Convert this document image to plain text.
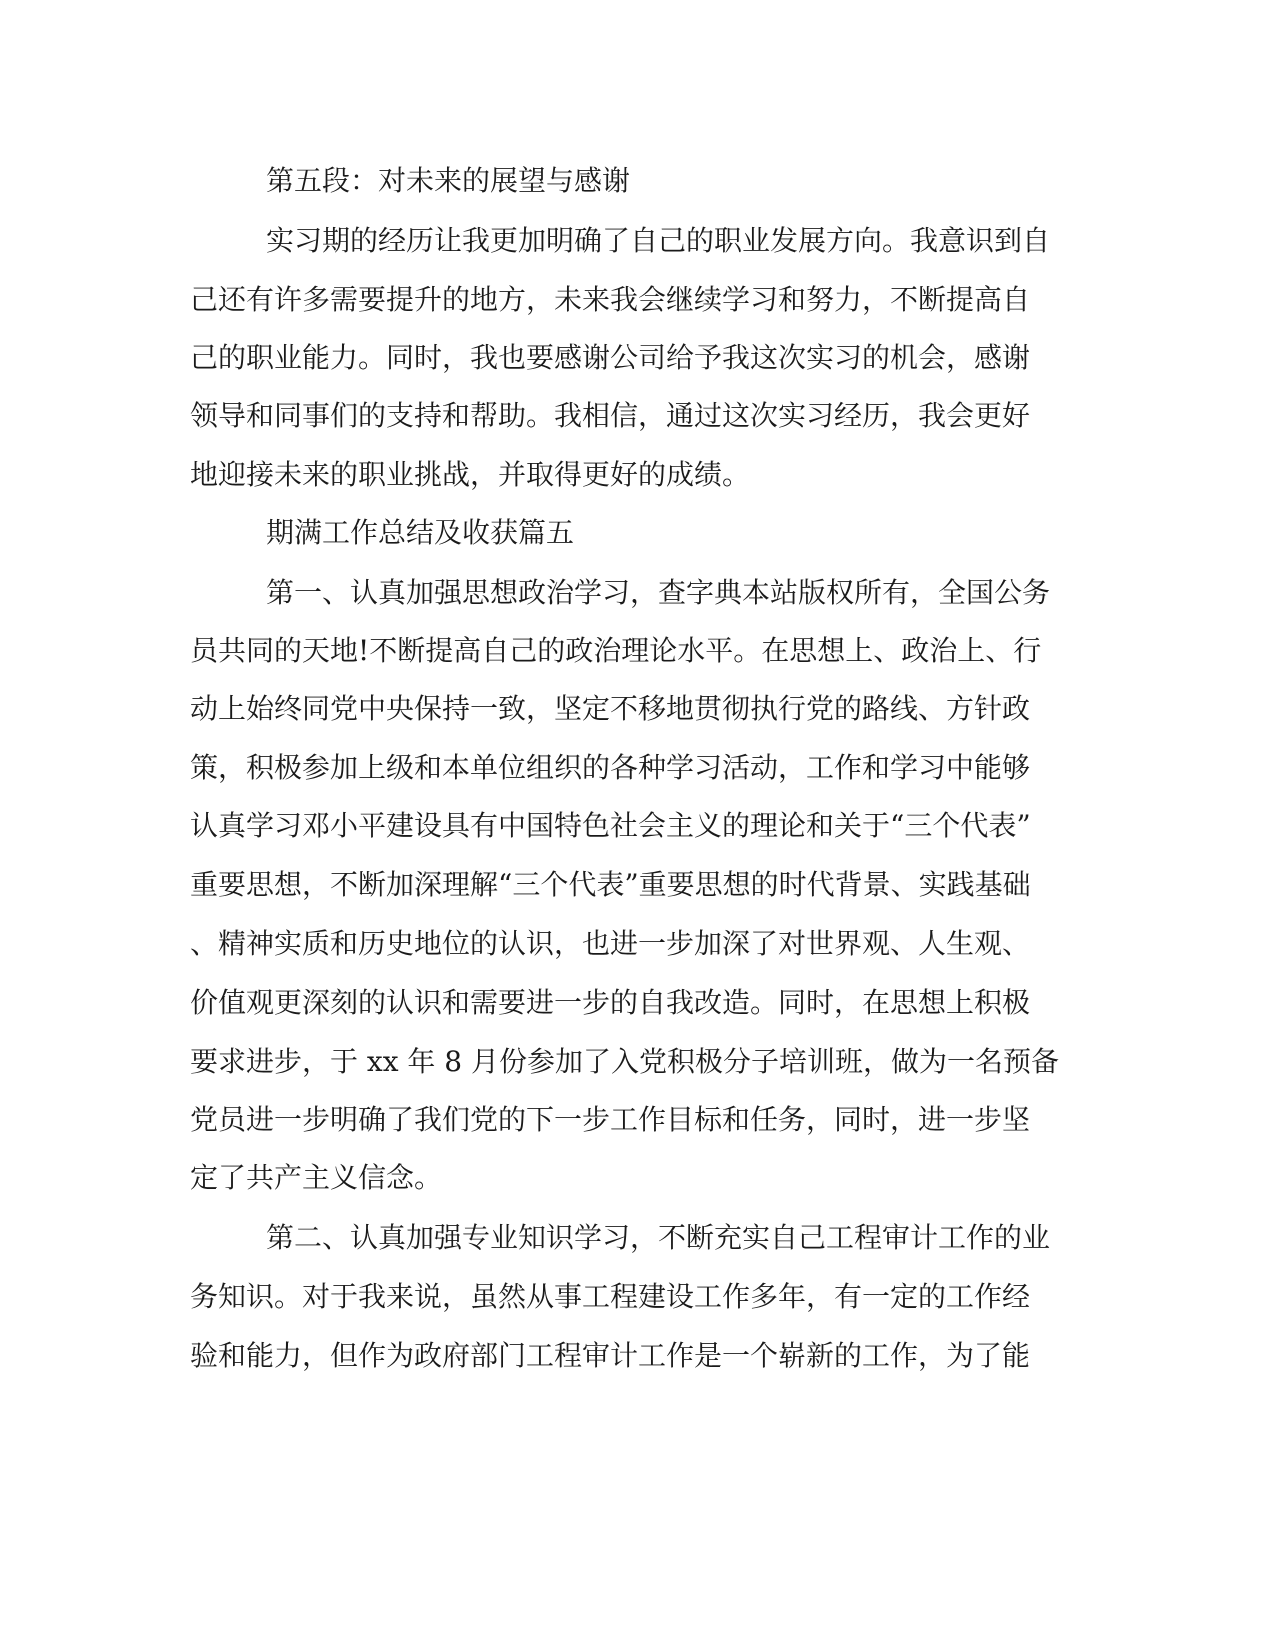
第五段：对未来的展望与感谢
实习期的经历让我更加明确了自己的职业发展方向。我意识到自
己还有许多需要提升的地方，未来我会继续学习和努力，不断提高自
己的职业能力。同时，我也要感谢公司给予我这次实习的机会，感谢
领导和同事们的支持和帮助。我相信，通过这次实习经历，我会更好
地迎接未来的职业挑战，并取得更好的成绩。
期满工作总结及收获篇五
第一、认真加强思想政治学习，查字典本站版权所有，全国公务
员共同的天地!不断提高自己的政治理论水平。在思想上、政治上、行
动上始终同党中央保持一致，坚定不移地贯彻执行党的路线、方针政
策，积极参加上级和本单位组织的各种学习活动，工作和学习中能够
认真学习邓小平建设具有中国特色社会主义的理论和关于“三个代表”
重要思想，不断加深理解“三个代表”重要思想的时代背景、实践基础
、精神实质和历史地位的认识，也进一步加深了对世界观、人生观、
价值观更深刻的认识和需要进一步的自我改造。同时，在思想上积极
要求进步，于 xx 年 8 月份参加了入党积极分子培训班，做为一名预备
党员进一步明确了我们党的下一步工作目标和任务，同时，进一步坚
定了共产主义信念。
第二、认真加强专业知识学习，不断充实自己工程审计工作的业
务知识。对于我来说，虽然从事工程建设工作多年，有一定的工作经
验和能力，但作为政府部门工程审计工作是一个崭新的工作，为了能
